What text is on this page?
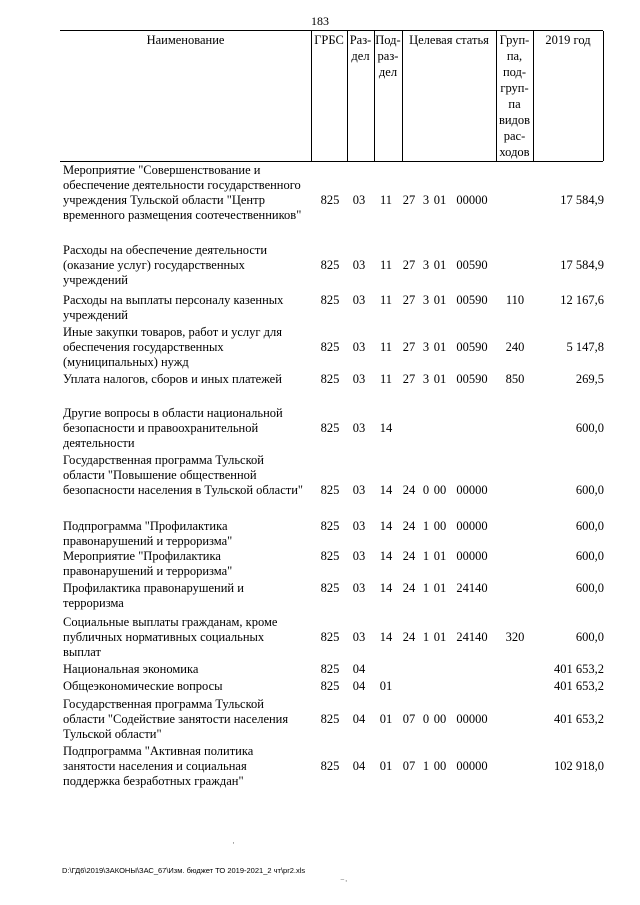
183
Наименование	ГРБС Раз-
дел
Под-
раз-
дел
Целевая статья Груп-
па,
под-
груп-
па
видов
рас-
ходов
2019 год
Мероприятие "Совершенствование и обеспечение деятельности государственного учреждения Тульской области "Центр временного размещения соотечественников"
825 03 11 27 3 01 00000	17 584,9
Расходы на обеспечение деятельности (оказание услуг) государственных учреждений
825 03 11 27 3 01 00590	17 584,9
Расходы на выплаты персоналу казенных учреждений
825 03 11 27 3 01 00590	110	12 167,6
Иные закупки товаров, работ и услуг для обеспечения государственных (муниципальных) нужд
825 03 11 27 3 01 00590	240	5 147,8
Уплата налогов, сборов и иных платежей	825 03 11 27 3 01 00590	850	269,5
Другие вопросы в области национальной безопасности и правоохранительной деятельности
825 03 14	600,0
Государственная программа Тульской области "Повышение общественной безопасности населения в Тульской области" 825 03 14 24 0 00 00000	600,0
Подпрограмма "Профилактика правонарушений и терроризма"
825 03 14 24 1 00 00000	600,0
Мероприятие "Профилактика правонарушений и терроризма"
825 03 14 24 1 01 00000	600,0
Профилактика правонарушений и терроризма
825 03 14 24 1 01 24140	600,0
Социальные выплаты гражданам, кроме публичных нормативных социальных выплат
825 03 14 24 1 01 24140	320	600,0
Национальная экономика	825 04	401 653,2
Общеэкономические вопросы	825 04 01	401 653,2
Государственная программа Тульской области "Содействие занятости населения Тульской области"
825 04 01 07 0 00 00000	401 653,2
Подпрограмма "Активная политика занятости населения и социальная поддержка безработных граждан"
825 04 01 07 1 00 00000	102 918,0
D:\ГД6\2019\ЗАКОНЫ\ЗАС_67\Изм. бюджет ТО 2019-2021_2 чт\pr2.xls
·
⁻·
